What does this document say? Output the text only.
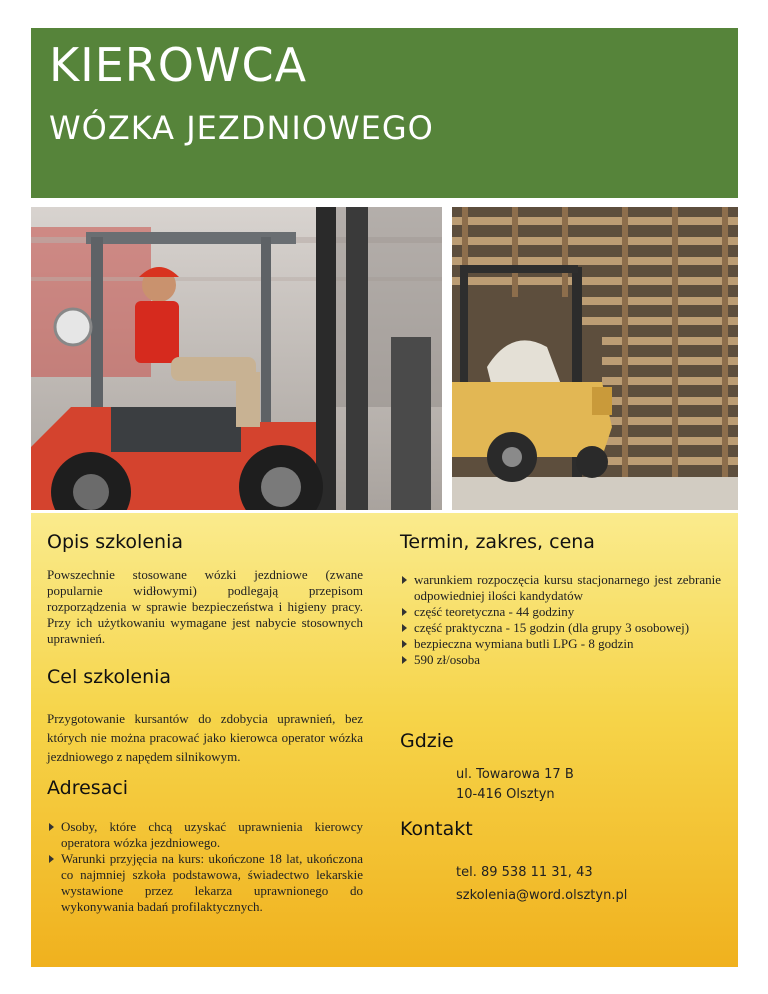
KIEROWCA
WÓZKA JEZDNIOWEGO
Opis szkolenia

Powszechnie stosowane wózki jezdniowe (zwane popularnie widłowymi) podlegają przepisom rozporządzenia w sprawie bezpieczeństwa i higieny pracy. Przy ich użytkowaniu wymagane jest nabycie stosownych uprawnień.

Cel szkolenia

Przygotowanie kursantów do zdobycia uprawnień, bez których nie można pracować jako kierowca operator wózka jezdniowego z napędem silnikowym.

Adresaci
Osoby, które chcą uzyskać uprawnienia kierowcy operatora wózka jezdniowego.
Warunki przyjęcia na kurs: ukończone 18 lat, ukończona co najmniej szkoła podstawowa, świadectwo lekarskie wystawione przez lekarza uprawnionego do wykonywania badań profilaktycznych.
Termin, zakres, cena
warunkiem rozpoczęcia kursu stacjonarnego jest zebranie odpowiedniej ilości kandydatów
część teoretyczna - 44 godziny
część praktyczna - 15 godzin (dla grupy 3 osobowej)
bezpieczna wymiana butli LPG - 8 godzin
590 zł/osoba
Gdzie
ul. Towarowa 17 B
10-416 Olsztyn
Kontakt
tel. 89 538 11 31, 43
szkolenia@word.olsztyn.pl
